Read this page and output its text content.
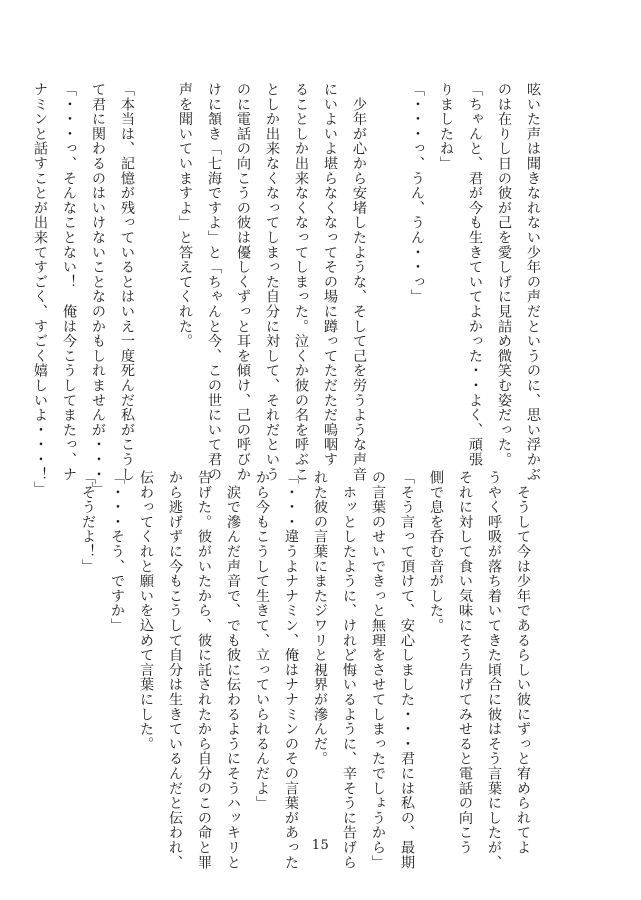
呟いた声は聞きなれない少年の声だというのに、思い浮かぶ

のは在りし日の彼が己を愛しげに見詰め微笑む姿だった。

「ちゃんと、君が今も生きていてよかった・・よく、頑張

りましたね」

「・・・っ、うん、うん・・っ」

　少年が心から安堵したような、そして己を労うような声音

にいよいよ堪らなくなってその場に蹲ってただただ嗚咽す

ることしか出来なくなってしまった。泣くか彼の名を呼ぶこ

としか出来なくなってしまった自分に対して、それだという

のに電話の向こうの彼は優しくずっと耳を傾け、己の呼びか

けに頷き「七海ですよ」と「ちゃんと今、この世にいて君の

声を聞いていますよ」と答えてくれた。

「本当は、記憶が残っているとはいえ一度死んだ私がこうし

て君に関わるのはいけないことなのかもしれませんが・・・」

「・・・っ、そんなことない！　俺は今こうしてまたっ、ナ

ナミンと話すことが出来てすごく、すごく嬉しいよ・・・！」

　そうして今は少年であるらしい彼にずっと宥められてよ

うやく呼吸が落ち着いてきた頃合に彼はそう言葉にしたが、

それに対して食い気味にそう告げてみせると電話の向こう

側で息を呑む音がした。

「そう言って頂けて、安心しました・・・君には私の、最期

の言葉のせいできっと無理をさせてしまったでしょうから」

　ホッとしたように、けれど悔いるように、辛そうに告げら

れた彼の言葉にまたジワリと視界が滲んだ。

「・・・違うよナナミン、俺はナナミンのその言葉があった

から今もこうして生きて、立っていられるんだよ」

　涙で滲んだ声音で、でも彼に伝わるようにそうハッキリと

告げた。彼がいたから、彼に託されたから自分のこの命と罪

から逃げずに今もこうして自分は生きているんだと伝われ、

伝わってくれと願いを込めて言葉にした。

「・・・そう、ですか」

「そうだよ！」

15
